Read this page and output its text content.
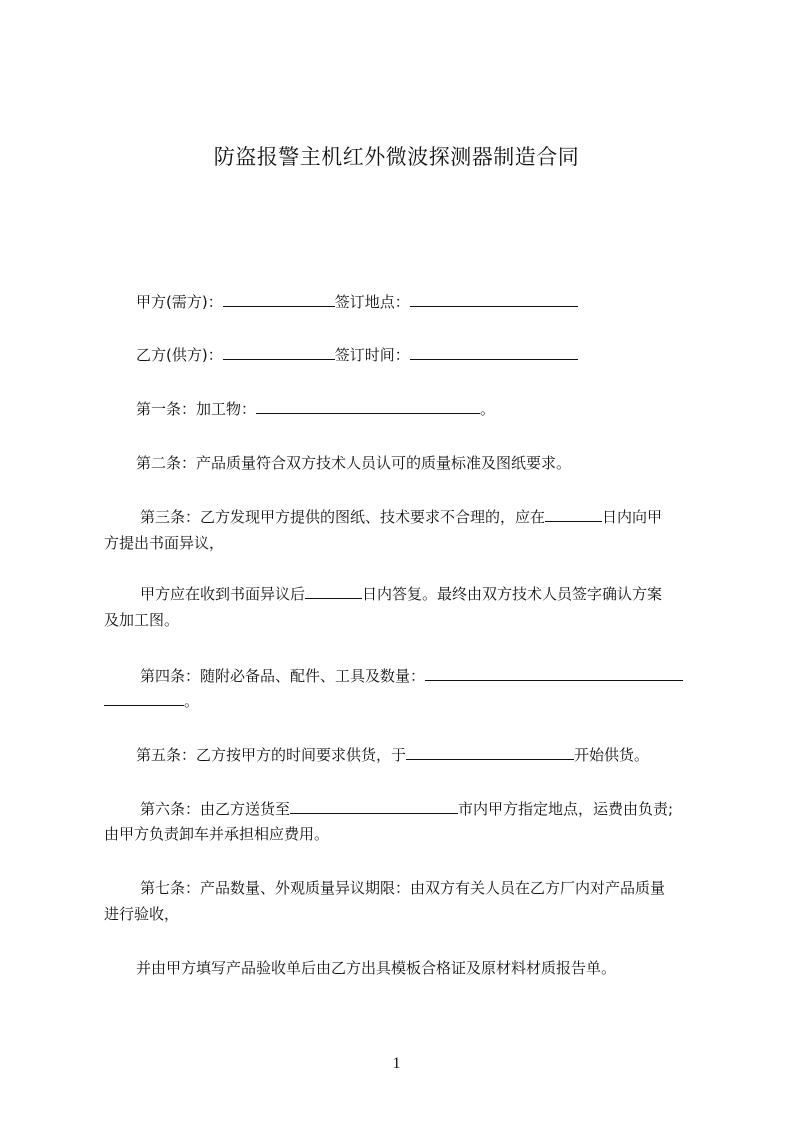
防盗报警主机红外微波探测器制造合同
甲方(需方)：	签订地点：
乙方(供方)：	签订时间：
第一条：加工物：	。
第二条：产品质量符合双方技术人员认可的质量标准及图纸要求。
第三条：乙方发现甲方提供的图纸、技术要求不合理的，应在	日内向甲
方提出书面异议，
甲方应在收到书面异议后	日内答复。最终由双方技术人员签字确认方案
及加工图。
第四条：随附必备品、配件、工具及数量：
。
第五条：乙方按甲方的时间要求供货，于	开始供货。
第六条：由乙方送货至	市内甲方指定地点，运费由负责;
由甲方负责卸车并承担相应费用。
第七条：产品数量、外观质量异议期限：由双方有关人员在乙方厂内对产品质量
进行验收，
并由甲方填写产品验收单后由乙方出具模板合格证及原材料材质报告单。
1
